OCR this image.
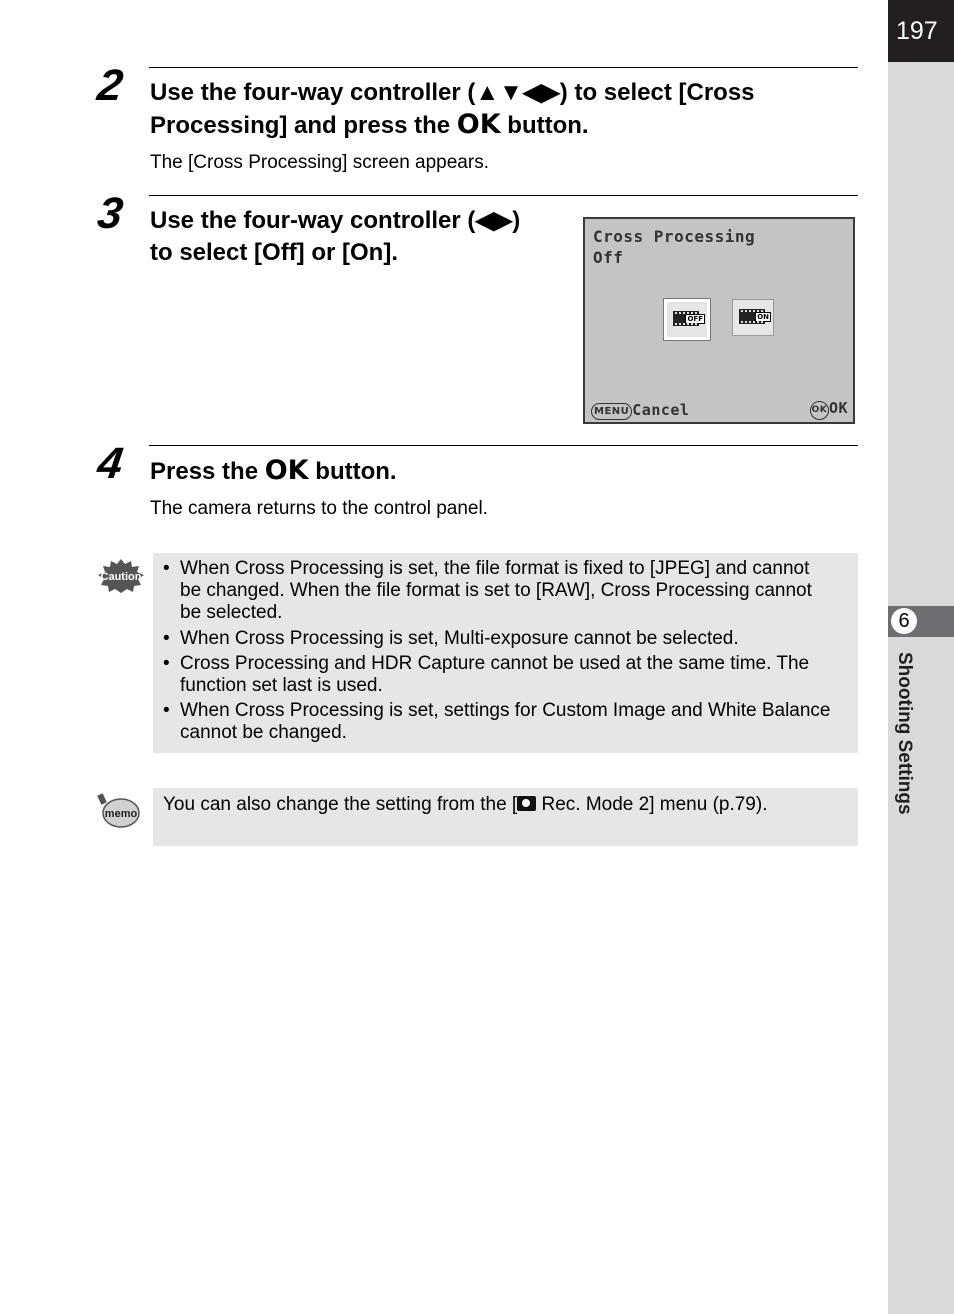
197
6
Shooting Settings
2 Use the four-way controller (▲▼◀▶) to select [Cross
Processing] and press the OK button.
The [Cross Processing] screen appears.
3 Use the four-way controller (◀▶)
to select [Off] or [On].
Cross Processing
Off
OFF	ON
MENU Cancel	OK OK
4 Press the OK button.
The camera returns to the control panel.
Caution
• When Cross Processing is set, the file format is fixed to [JPEG] and cannot
be changed. When the file format is set to [RAW], Cross Processing cannot
be selected.
• When Cross Processing is set, Multi-exposure cannot be selected.
• Cross Processing and HDR Capture cannot be used at the same time. The
function set last is used.
• When Cross Processing is set, settings for Custom Image and White Balance
cannot be changed.
memo You can also change the setting from the [ Rec. Mode 2] menu (p.79).
